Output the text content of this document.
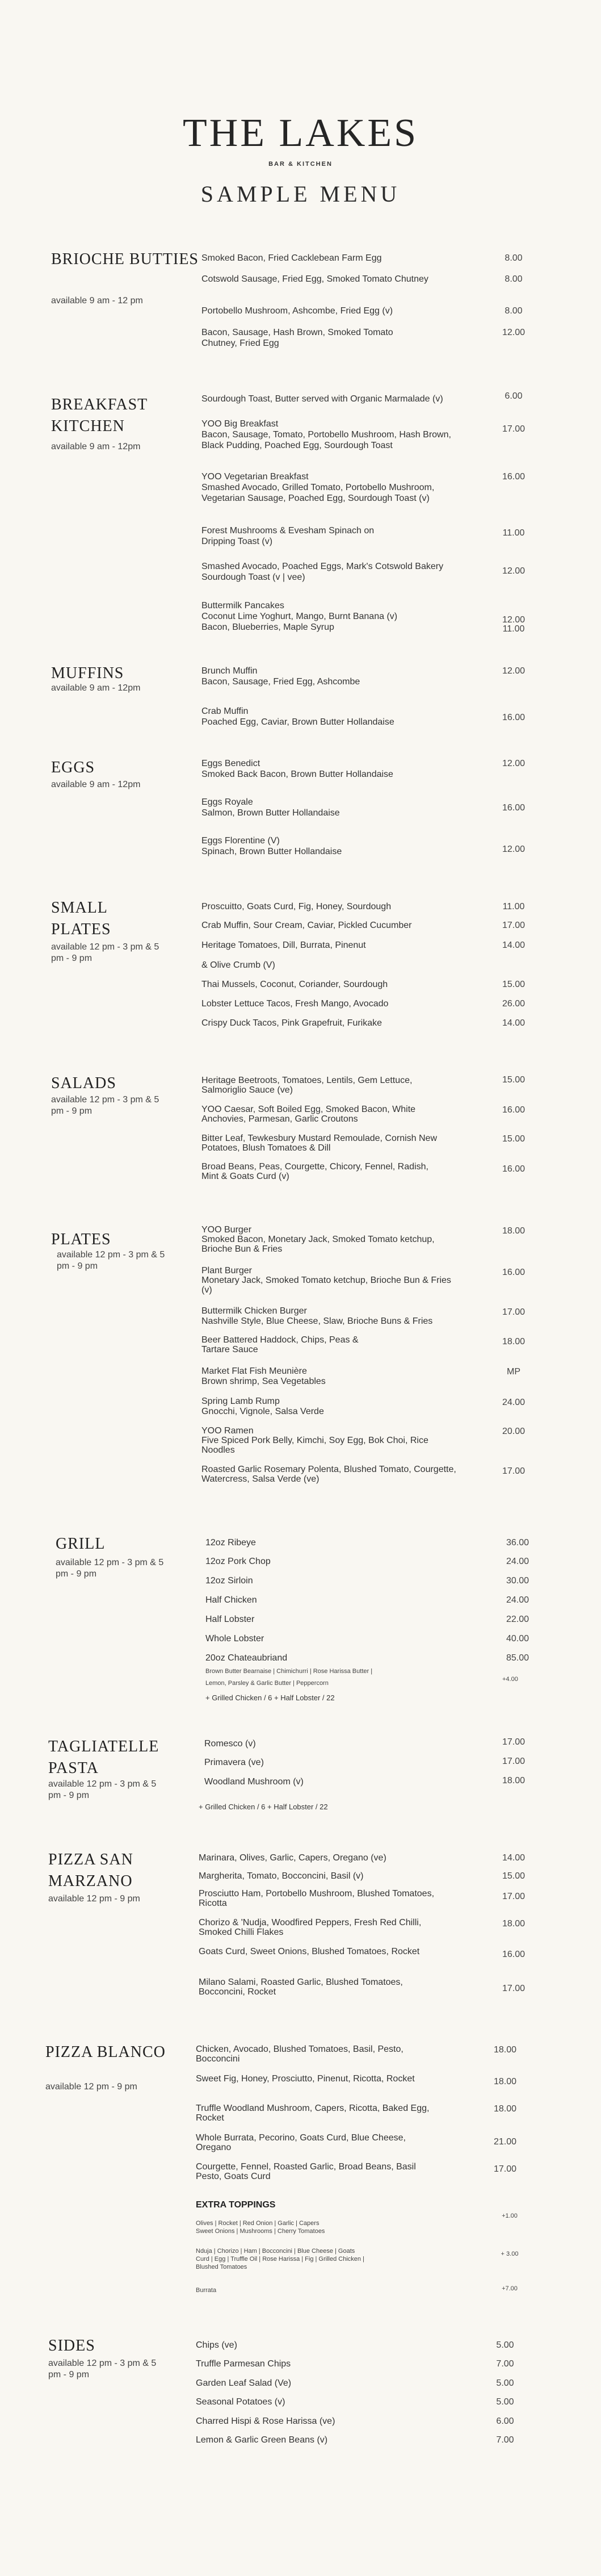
THE LAKES
BAR & KITCHEN
SAMPLE MENU
BRIOCHE BUTTIES
available 9 am - 12 pm
Smoked Bacon, Fried Cacklebean Farm Egg	8.00
Cotswold Sausage, Fried Egg, Smoked Tomato Chutney	8.00
Portobello Mushroom, Ashcombe, Fried Egg (v)	8.00
Bacon, Sausage, Hash Brown, Smoked Tomato Chutney, Fried Egg
12.00
BREAKFAST KITCHEN
available 9 am - 12pm
Sourdough Toast, Butter served with Organic Marmalade (v)	6.00
YOO Big Breakfast
Bacon, Sausage, Tomato, Portobello Mushroom, Hash Brown, Black Pudding, Poached Egg, Sourdough Toast
17.00
YOO Vegetarian Breakfast
Smashed Avocado, Grilled Tomato, Portobello Mushroom, Vegetarian Sausage, Poached Egg, Sourdough Toast (v)
16.00
Forest Mushrooms & Evesham Spinach on Dripping Toast (v)
11.00
Smashed Avocado, Poached Eggs, Mark's Cotswold Bakery Sourdough Toast (v | vee)
12.00
Buttermilk Pancakes
Coconut Lime Yoghurt, Mango, Burnt Banana (v)	12.00
Bacon, Blueberries, Maple Syrup	11.00
MUFFINS
available 9 am - 12pm
Brunch Muffin
Bacon, Sausage, Fried Egg, Ashcombe
12.00
Crab Muffin
Poached Egg, Caviar, Brown Butter Hollandaise	16.00
EGGS
available 9 am - 12pm
Eggs Benedict
Smoked Back Bacon, Brown Butter Hollandaise
12.00
Eggs Royale
Salmon, Brown Butter Hollandaise
16.00
Eggs Florentine (V)
Spinach, Brown Butter Hollandaise	12.00
SMALL PLATES
available 12 pm - 3 pm & 5 pm - 9 pm
Proscuitto, Goats Curd, Fig, Honey, Sourdough	11.00
Crab Muffin, Sour Cream, Caviar, Pickled Cucumber	17.00
Heritage Tomatoes, Dill, Burrata, Pinenut	14.00
& Olive Crumb (V)
Thai Mussels, Coconut, Coriander, Sourdough	15.00
Lobster Lettuce Tacos, Fresh Mango, Avocado	26.00
Crispy Duck Tacos, Pink Grapefruit, Furikake	14.00
SALADS
available 12 pm - 3 pm & 5 pm - 9 pm
Heritage Beetroots, Tomatoes, Lentils, Gem Lettuce, Salmoriglio Sauce (ve)
15.00
YOO Caesar, Soft Boiled Egg, Smoked Bacon, White Anchovies, Parmesan, Garlic Croutons
16.00
Bitter Leaf, Tewkesbury Mustard Remoulade, Cornish New Potatoes, Blush Tomatoes & Dill
15.00
Broad Beans, Peas, Courgette, Chicory, Fennel, Radish, Mint & Goats Curd (v)
16.00
PLATES
available 12 pm - 3 pm & 5 pm - 9 pm
YOO Burger
Smoked Bacon, Monetary Jack, Smoked Tomato ketchup, Brioche Bun & Fries
18.00
Plant Burger
Monetary Jack, Smoked Tomato ketchup, Brioche Bun & Fries (v)
16.00
Buttermilk Chicken Burger
Nashville Style, Blue Cheese, Slaw, Brioche Buns & Fries
17.00
Beer Battered Haddock, Chips, Peas & Tartare Sauce
18.00
Market Flat Fish Meunière
Brown shrimp, Sea Vegetables
MP
Spring Lamb Rump
Gnocchi, Vignole, Salsa Verde
24.00
YOO Ramen
Five Spiced Pork Belly, Kimchi, Soy Egg, Bok Choi, Rice Noodles
20.00
Roasted Garlic Rosemary Polenta, Blushed Tomato, Courgette, Watercress, Salsa Verde (ve)
17.00
GRILL
available 12 pm - 3 pm & 5 pm - 9 pm
12oz Ribeye	36.00
12oz Pork Chop	24.00
12oz Sirloin	30.00
Half Chicken	24.00
Half Lobster	22.00
Whole Lobster	40.00
20oz Chateaubriand	85.00
Brown Butter Bearnaise | Chimichurri | Rose Harissa Butter |
Lemon, Parsley & Garlic Butter | Peppercorn
+4.00
+ Grilled Chicken / 6 + Half Lobster / 22
TAGLIATELLE PASTA
available 12 pm - 3 pm & 5 pm - 9 pm
Romesco (v)	17.00
Primavera (ve)	17.00
Woodland Mushroom (v)	18.00
+ Grilled Chicken / 6 + Half Lobster / 22
PIZZA SAN MARZANO
available 12 pm - 9 pm
Marinara, Olives, Garlic, Capers, Oregano (ve)	14.00
Margherita, Tomato, Bocconcini, Basil (v)	15.00
Prosciutto Ham, Portobello Mushroom, Blushed Tomatoes, Ricotta
17.00
Chorizo & 'Nudja, Woodfired Peppers, Fresh Red Chilli, Smoked Chilli Flakes
18.00
Goats Curd, Sweet Onions, Blushed Tomatoes, Rocket	16.00
Milano Salami, Roasted Garlic, Blushed Tomatoes, Bocconcini, Rocket	17.00
PIZZA BLANCO
available 12 pm - 9 pm
Chicken, Avocado, Blushed Tomatoes, Basil, Pesto, Bocconcini
18.00
Sweet Fig, Honey, Prosciutto, Pinenut, Ricotta, Rocket	18.00
Truffle Woodland Mushroom, Capers, Ricotta, Baked Egg, Rocket
18.00
Whole Burrata, Pecorino, Goats Curd, Blue Cheese, Oregano
21.00
Courgette, Fennel, Roasted Garlic, Broad Beans, Basil Pesto, Goats Curd
17.00
EXTRA TOPPINGS
Olives | Rocket | Red Onion | Garlic | Capers
Sweet Onions | Mushrooms | Cherry Tomatoes
+1.00
Nduja | Chorizo | Ham | Bocconcini | Blue Cheese | Goats
Curd | Egg | Truffle Oil | Rose Harissa | Fig | Grilled Chicken |
Blushed Tomatoes
+ 3.00
Burrata	+7.00
SIDES
available 12 pm - 3 pm & 5 pm - 9 pm
Chips (ve)	5.00
Truffle Parmesan Chips	7.00
Garden Leaf Salad (Ve)	5.00
Seasonal Potatoes (v)	5.00
Charred Hispi & Rose Harissa (ve)	6.00
Lemon & Garlic Green Beans (v)	7.00
